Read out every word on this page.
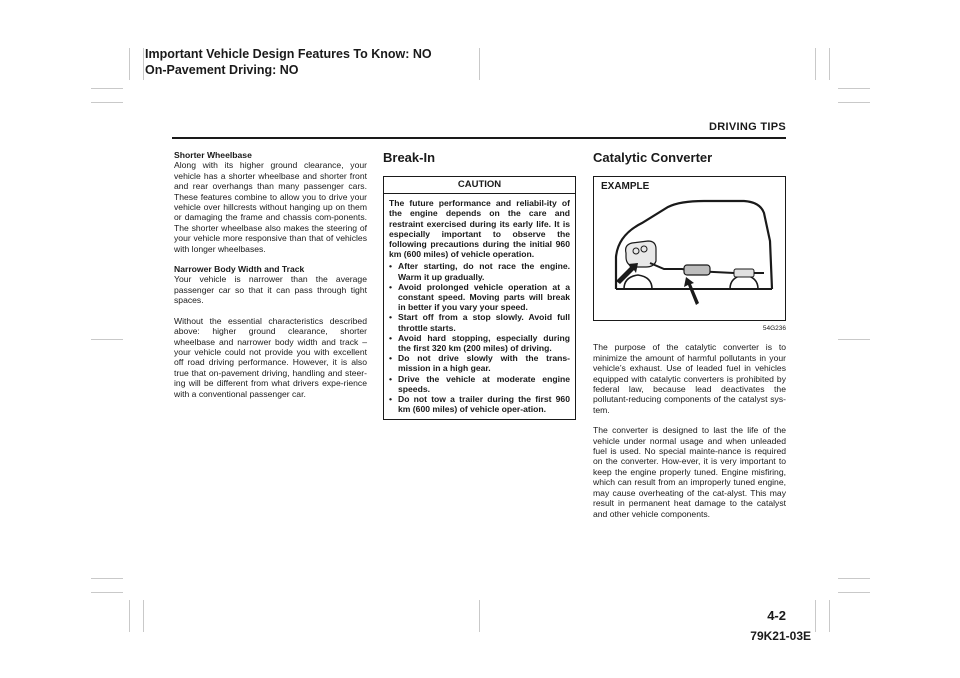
Important Vehicle Design Features To Know: NO
On-Pavement Driving: NO
DRIVING TIPS

Shorter Wheelbase
Along with its higher ground clearance, your vehicle has a shorter wheelbase and shorter front and rear overhangs than many passenger cars. These features combine to allow you to drive your vehicle over hillcrests without hanging up on them or damaging the frame and chassis com-ponents. The shorter wheelbase also makes the steering of your vehicle more responsive than that of vehicles with longer wheelbases.

Narrower Body Width and Track
Your vehicle is narrower than the average passenger car so that it can pass through tight spaces.

Without the essential characteristics described above: higher ground clearance, shorter wheelbase and narrower body width and track – your vehicle could not provide you with excellent off road driving performance. However, it is also true that on-pavement driving, handling and steer-ing will be different from what drivers expe-rience with a conventional passenger car.

Break-In
CAUTION

The future performance and reliabil-ity of the engine depends on the care and restraint exercised during its early life. It is especially important to observe the following precautions during the initial 960 km (600 miles) of vehicle operation.

• After starting, do not race the engine. Warm it up gradually.
• Avoid prolonged vehicle operation at a constant speed. Moving parts will break in better if you vary your speed.
• Start off from a stop slowly. Avoid full throttle starts.
• Avoid hard stopping, especially during the first 320 km (200 miles) of driving.
• Do not drive slowly with the trans-mission in a high gear.
• Drive the vehicle at moderate engine speeds.
• Do not tow a trailer during the first 960 km (600 miles) of vehicle oper-ation.
Catalytic Converter
EXAMPLE
54G236

The purpose of the catalytic converter is to minimize the amount of harmful pollutants in your vehicle’s exhaust. Use of leaded fuel in vehicles equipped with catalytic converters is prohibited by federal law, because lead deactivates the pollutant-reducing components of the catalyst sys-tem.

The converter is designed to last the life of the vehicle under normal usage and when unleaded fuel is used. No special mainte-nance is required on the converter. How-ever, it is very important to keep the engine properly tuned. Engine misfiring, which can result from an improperly tuned engine, may cause overheating of the cat-alyst. This may result in permanent heat damage to the catalyst and other vehicle components.

4-2
79K21-03E
